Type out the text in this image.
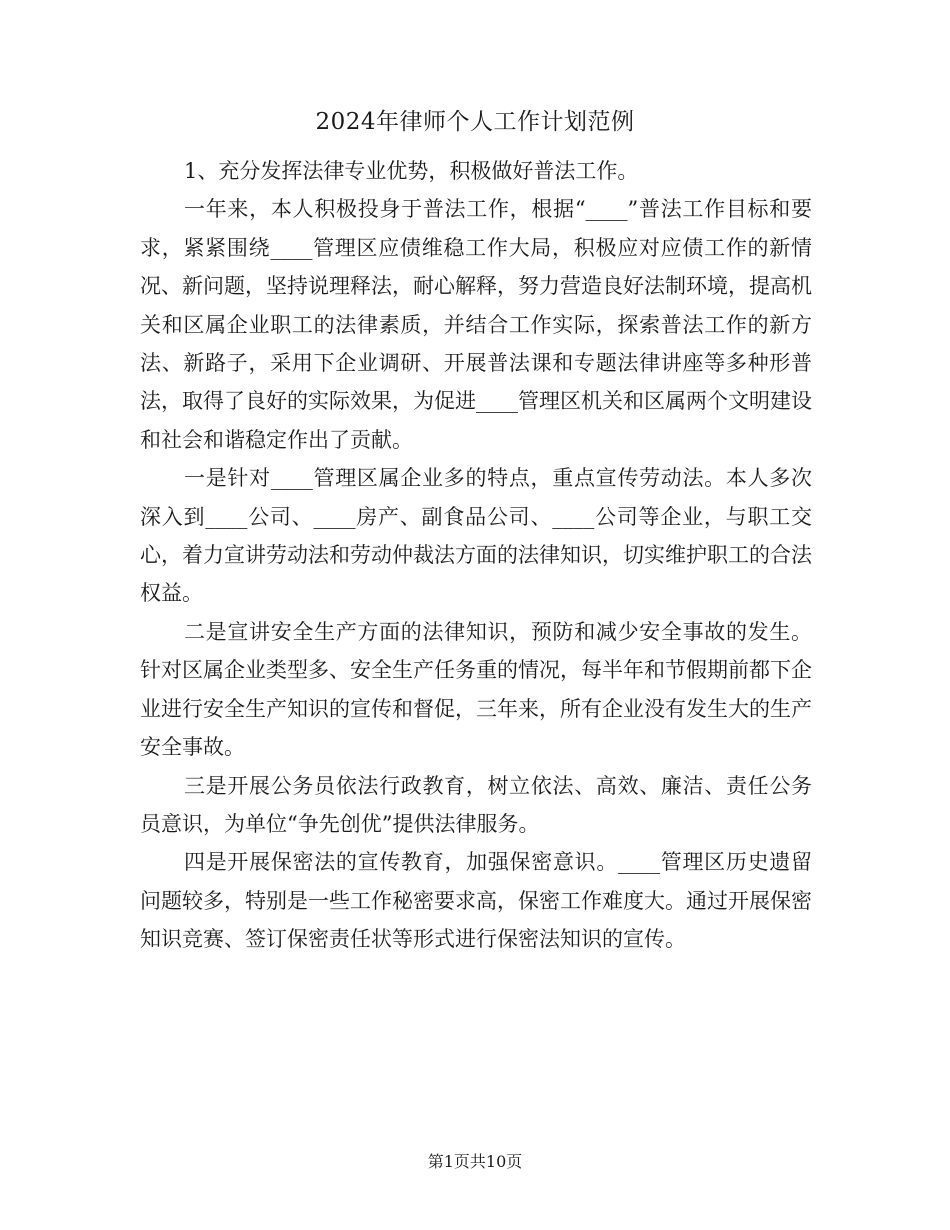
2024年律师个人工作计划范例

1、充分发挥法律专业优势，积极做好普法工作。

一年来，本人积极投身于普法工作，根据“____”普法工作目标和要求，紧紧围绕____管理区应债维稳工作大局，积极应对应债工作的新情况、新问题，坚持说理释法，耐心解释，努力营造良好法制环境，提高机关和区属企业职工的法律素质，并结合工作实际，探索普法工作的新方法、新路子，采用下企业调研、开展普法课和专题法律讲座等多种形普法，取得了良好的实际效果，为促进____管理区机关和区属两个文明建设和社会和谐稳定作出了贡献。

一是针对____管理区属企业多的特点，重点宣传劳动法。本人多次深入到____公司、____房产、副食品公司、____公司等企业，与职工交心，着力宣讲劳动法和劳动仲裁法方面的法律知识，切实维护职工的合法权益。

二是宣讲安全生产方面的法律知识，预防和减少安全事故的发生。针对区属企业类型多、安全生产任务重的情况，每半年和节假期前都下企业进行安全生产知识的宣传和督促，三年来，所有企业没有发生大的生产安全事故。

三是开展公务员依法行政教育，树立依法、高效、廉洁、责任公务员意识，为单位“争先创优”提供法律服务。

四是开展保密法的宣传教育，加强保密意识。____管理区历史遗留问题较多，特别是一些工作秘密要求高，保密工作难度大。通过开展保密知识竞赛、签订保密责任状等形式进行保密法知识的宣传。

第1页共10页
